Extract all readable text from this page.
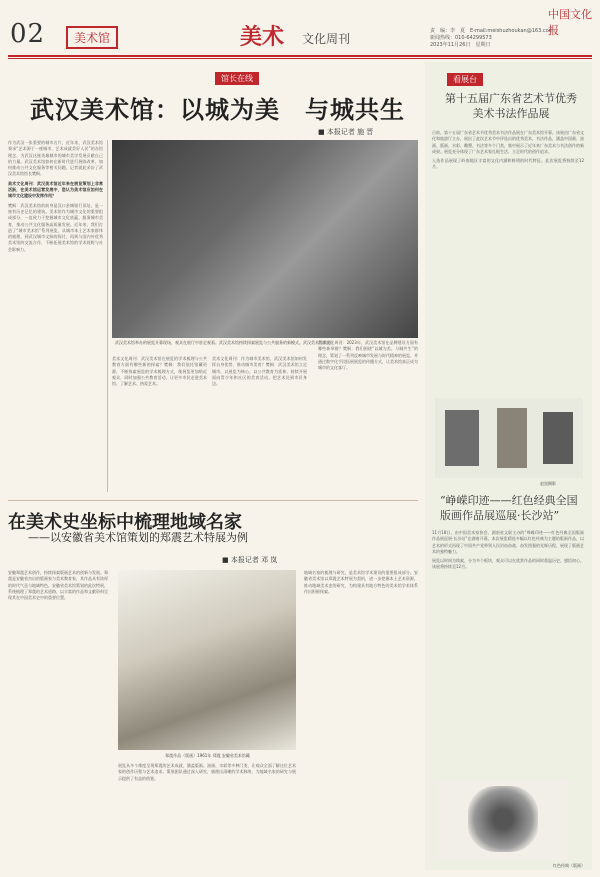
02	美术馆	美术 文化周刊
中国文化报
责　编：李　夏　E-mail:meishuzhoukan@163.com
新闻热线：010-64299573
2023年11月26日　星期日
馆长在线
武汉美术馆：以城为美　与城共生
■ 本报记者 施 晋
作为武汉一张重要的城市名片，近年来，武汉美术馆秉承“艺术源于一座城市，艺术成就美好人民”的办馆理念，为武汉这座英雄城市的城市美学发展贡献自己的力量。武汉美术馆如何在新时代进行展陈改革，如何推动公共文化服务等相关问题，记者就此采访了武汉美术馆馆长樊枫。
美术文化周刊：武汉美术馆近年来在展览策划上非常活跃，在美术馆运营发展中，您认为美术馆应如何在城市文化建设中发挥作用？
樊枫：武汉美术馆的前身是汉口金城银行旧址，是一座有历史记忆的建筑。美术馆作为城市文化的重要组成部分，一直致力于挖掘城市文化底蕴，服务城市美育，推动公共文化服务高质量发展。近年来，我们打造了“城市美术馆”系列展览，从城市本土艺术家群体的梳理，到武汉城市文脉的探讨，再到与国内外优秀美术馆的交流合作，不断拓展美术馆的学术视野与社会影响力。
武汉美术馆举办的展览开幕现场，观众在展厅中驻足观看。武汉美术馆持续探索展览与公共服务的新模式。武汉美术馆供图
美术文化周刊：武汉美术馆在展览的学术梳理与公共教育方面有哪些新的探索？樊枫：我们依托馆藏资源，不断探索展览的学术梳理方式，使展览更加贴近观众，同时加强公共教育活动，让更多市民走进美术馆、了解艺术、热爱艺术。
美术文化周刊：作为城市美术馆，武汉美术馆如何发挥自身优势，推动城市美育？樊枫：武汉美术馆立足城市，以展览为核心，以公共教育为延伸，持续开展面向青少年和社区的美育活动，把艺术送到市民身边。
美术文化周刊：2023年，武汉美术馆在品牌建设方面有哪些新举措？樊枫：我们围绕“以城为美、与城共生”的理念，策划了一系列反映城市发展与时代精神的展览，并通过数字化手段拓展展览的传播方式，让美术馆真正成为城市的文化客厅。
在美术史坐标中梳理地域名家
——以安徽省美术馆策划的郑震艺术特展为例
■ 本报记者 邓 岚
安徽郑震艺术创作，持续探索版画艺术的创新与发展。郑震是安徽省杰出的版画家与美术教育家，其作品具有浓厚的时代气息与地域特色。安徽省美术馆策划的此次特展，系统梳理了郑震的艺术道路，以丰富的作品和文献资料呈现其在中国美术史中的重要位置。
郑震作品（版画）1961年 郑震 安徽省美术馆藏
展览从多个维度呈现郑震的艺术成就，涵盖版画、油画、水彩等多种门类，让观众全面了解这位艺术家的创作历程与艺术追求。策展团队通过深入研究，梳理出清晰的学术脉络，为地域名家的研究与展示提供了有益的借鉴。
地域名家的梳理与研究，是美术馆学术建设的重要组成部分。安徽省美术馆以郑震艺术特展为契机，进一步挖掘本土艺术资源，推动地域美术史的研究，为构建具有地方特色的美术馆学术体系作出积极探索。
看展台
第十五届广东省艺术节优秀美术书法作品展
日前，第十五届广东省艺术节优秀美术书法作品展在广东美术馆开幕。该展由广东省文化和旅游厅主办，展出了此次艺术节中评选出的优秀美术、书法作品，涵盖中国画、油画、版画、水彩、雕塑、书法等多个门类，集中展示了近年来广东美术与书法创作的新成果。展览充分体现了广东艺术家扎根生活、立足时代的创作追求。
入选作品展现了岭南地区丰富的文化内涵和鲜明的时代特征。此次展览将持续至12月。
赵黑摄影
“峥嵘印迹——红色经典全国版画作品展巡展·长沙站”
11月18日，由中国美术家协会、湖南省文联主办的“峥嵘印迹——红色经典全国版画作品展巡展·长沙站”在湖南开幕。本次展览精选多幅以红色经典为主题的版画作品，以艺术的形式再现了中国共产党带领人民浴血奋战、奋发图强的光辉历程，展现了版画艺术的独特魅力。
展览以时间为线索，分为多个板块，观众可以在欣赏作品的同时重温历史，感悟初心。该展将持续至12月。
红色经典（版画）
